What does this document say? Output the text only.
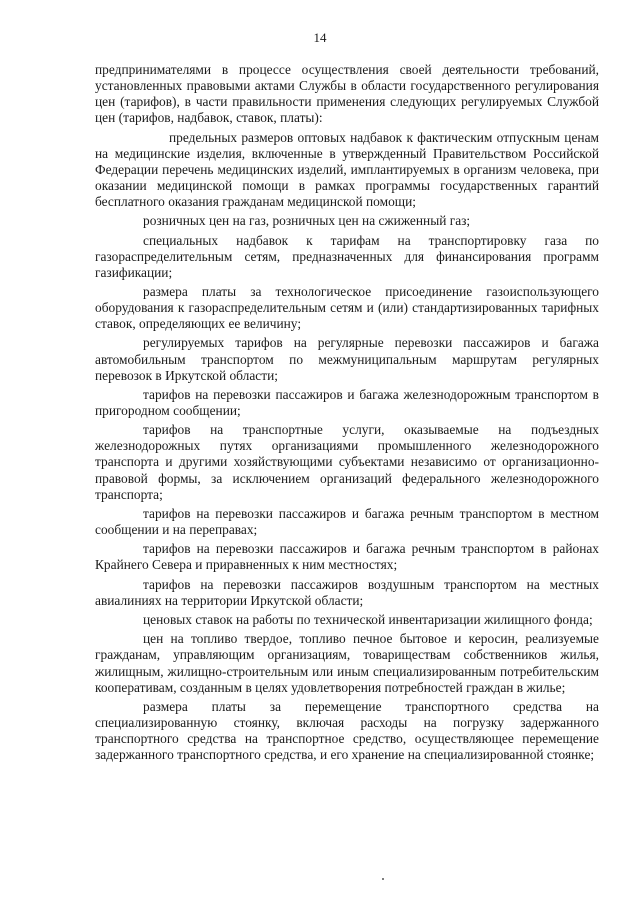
14

предпринимателями в процессе осуществления своей деятельности требований, установленных правовыми актами Службы в области государственного регулирования цен (тарифов), в части правильности применения следующих регулируемых Службой цен (тарифов, надбавок, ставок, платы):

предельных размеров оптовых надбавок к фактическим отпускным ценам на медицинские изделия, включенные в утвержденный Правительством Российской Федерации перечень медицинских изделий, имплантируемых в организм человека, при оказании медицинской помощи в рамках программы государственных гарантий бесплатного оказания гражданам медицинской помощи;

розничных цен на газ, розничных цен на сжиженный газ;

специальных надбавок к тарифам на транспортировку газа по газораспределительным сетям, предназначенных для финансирования программ газификации;

размера платы за технологическое присоединение газоиспользующего оборудования к газораспределительным сетям и (или) стандартизированных тарифных ставок, определяющих ее величину;

регулируемых тарифов на регулярные перевозки пассажиров и багажа автомобильным транспортом по межмуниципальным маршрутам регулярных перевозок в Иркутской области;

тарифов на перевозки пассажиров и багажа железнодорожным транспортом в пригородном сообщении;

тарифов на транспортные услуги, оказываемые на подъездных железнодорожных путях организациями промышленного железнодорожного транспорта и другими хозяйствующими субъектами независимо от организационно-правовой формы, за исключением организаций федерального железнодорожного транспорта;

тарифов на перевозки пассажиров и багажа речным транспортом в местном сообщении и на переправах;

тарифов на перевозки пассажиров и багажа речным транспортом в районах Крайнего Севера и приравненных к ним местностях;

тарифов на перевозки пассажиров воздушным транспортом на местных авиалиниях на территории Иркутской области;

ценовых ставок на работы по технической инвентаризации жилищного фонда;

цен на топливо твердое, топливо печное бытовое и керосин, реализуемые гражданам, управляющим организациям, товариществам собственников жилья, жилищным, жилищно-строительным или иным специализированным потребительским кооперативам, созданным в целях удовлетворения потребностей граждан в жилье;

размера платы за перемещение транспортного средства на специализированную стоянку, включая расходы на погрузку задержанного транспортного средства на транспортное средство, осуществляющее перемещение задержанного транспортного средства, и его хранение на специализированной стоянке;
